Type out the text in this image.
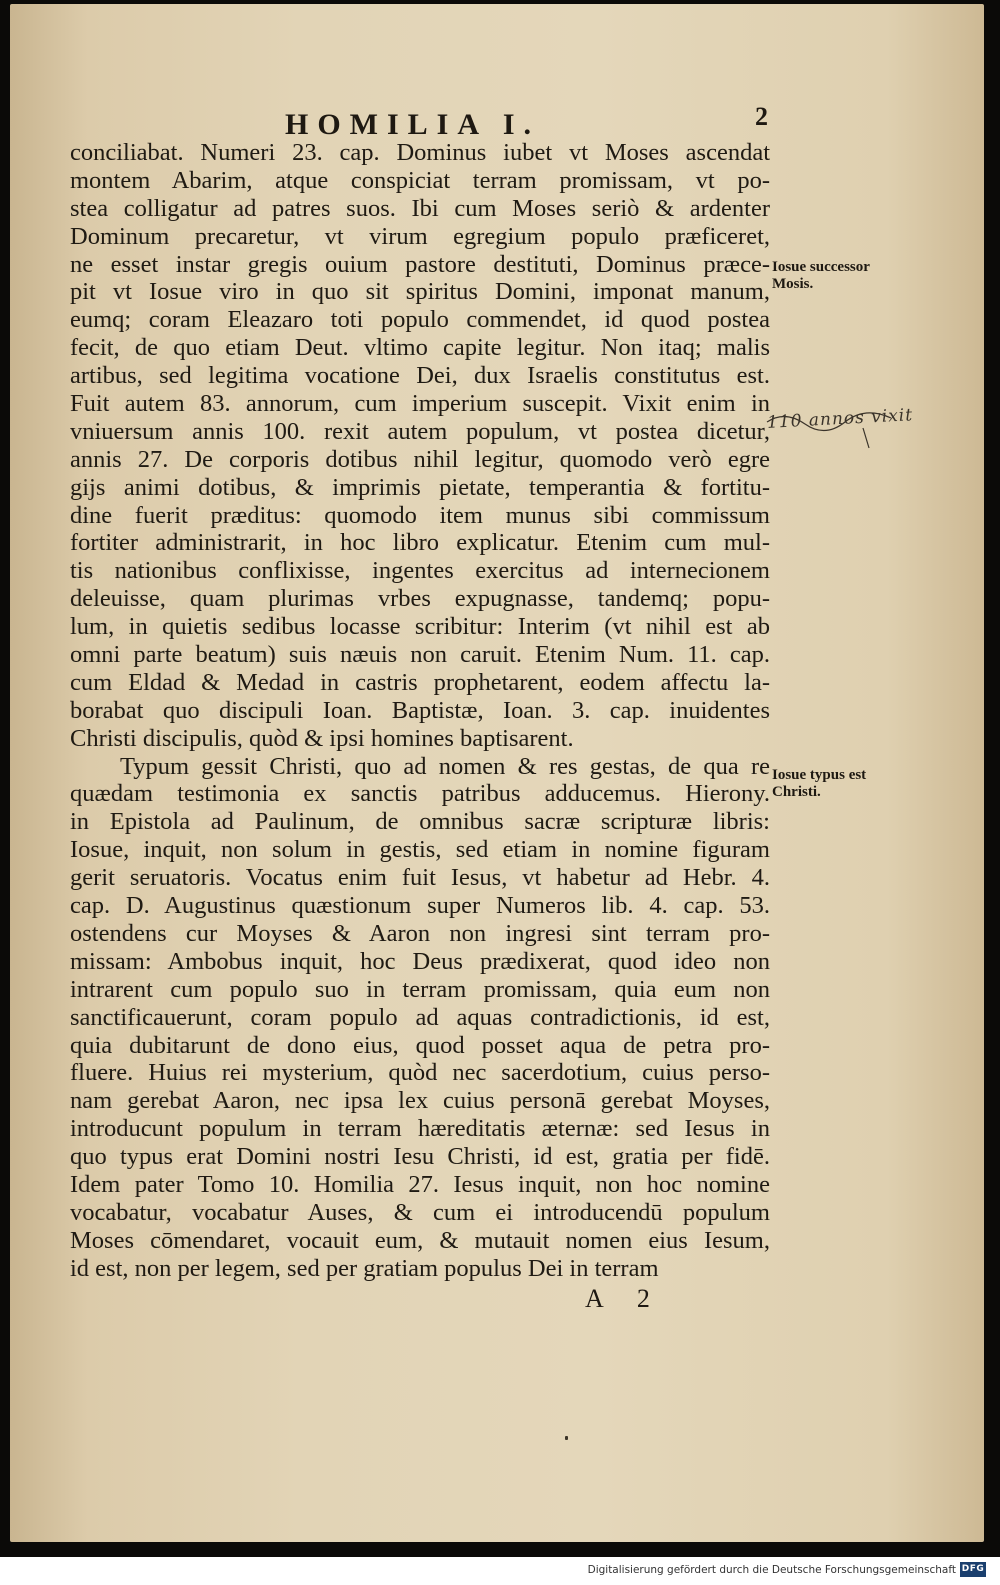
HOMILIA I.	2
conciliabat. Numeri 23. cap. Dominus iubet vt Moses ascendat
montem Abarim, atque conspiciat terram promissam, vt po-
stea colligatur ad patres suos. Ibi cum Moses seriò & ardenter
Dominum precaretur, vt virum egregium populo præficeret,
ne esset instar gregis ouium pastore destituti, Dominus præce-
pit vt Iosue viro in quo sit spiritus Domini, imponat manum,
eumq; coram Eleazaro toti populo commendet, id quod postea
fecit, de quo etiam Deut. vltimo capite legitur. Non itaq; malis
artibus, sed legitima vocatione Dei, dux Israelis constitutus est.
Fuit autem 83. annorum, cum imperium suscepit. Vixit enim in
vniuersum annis 100. rexit autem populum, vt postea dicetur,
annis 27. De corporis dotibus nihil legitur, quomodo verò egre
gijs animi dotibus, & imprimis pietate, temperantia & fortitu-
dine fuerit præditus: quomodo item munus sibi commissum
fortiter administrarit, in hoc libro explicatur. Etenim cum mul-
tis nationibus conflixisse, ingentes exercitus ad internecionem
deleuisse, quam plurimas vrbes expugnasse, tandemq; popu-
lum, in quietis sedibus locasse scribitur: Interim (vt nihil est ab
omni parte beatum) suis næuis non caruit. Etenim Num. 11. cap.
cum Eldad & Medad in castris prophetarent, eodem affectu la-
borabat quo discipuli Ioan. Baptistæ, Ioan. 3. cap. inuidentes
Christi discipulis, quòd & ipsi homines baptisarent.
Typum gessit Christi, quo ad nomen & res gestas, de qua re
quædam testimonia ex sanctis patribus adducemus. Hierony.
in Epistola ad Paulinum, de omnibus sacræ scripturæ libris:
Iosue, inquit, non solum in gestis, sed etiam in nomine figuram
gerit seruatoris. Vocatus enim fuit Iesus, vt habetur ad Hebr. 4.
cap. D. Augustinus quæstionum super Numeros lib. 4. cap. 53.
ostendens cur Moyses & Aaron non ingresi sint terram pro-
missam: Ambobus inquit, hoc Deus prædixerat, quod ideo non
intrarent cum populo suo in terram promissam, quia eum non
sanctificauerunt, coram populo ad aquas contradictionis, id est,
quia dubitarunt de dono eius, quod posset aqua de petra pro-
fluere. Huius rei mysterium, quòd nec sacerdotium, cuius perso-
nam gerebat Aaron, nec ipsa lex cuius personā gerebat Moyses,
introducunt populum in terram hæreditatis æternæ: sed Iesus in
quo typus erat Domini nostri Iesu Christi, id est, gratia per fidē.
Idem pater Tomo 10. Homilia 27. Iesus inquit, non hoc nomine
vocabatur, vocabatur Auses, & cum ei introducendū populum
Moses cōmendaret, vocauit eum, & mutauit nomen eius Iesum,
id est, non per legem, sed per gratiam populus Dei in terram
Iosue successor Mosis.
Iosue typus est Christi.
110 annos vixit
A 2
Digitalisierung gefördert durch die Deutsche Forschungsgemeinschaft DFG
